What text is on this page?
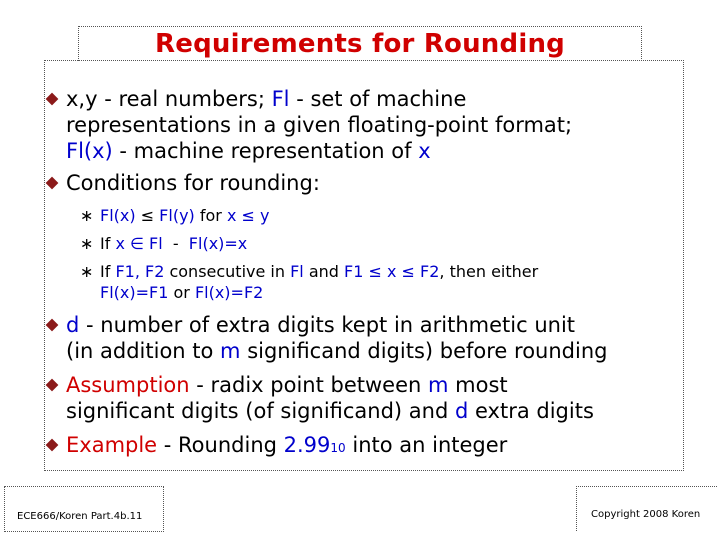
Requirements for Rounding
x,y - real numbers; Fl - set of machine
representations in a given floating-point format;
Fl(x) - machine representation of x
Conditions for rounding:
∗ Fl(x) ≤ Fl(y) for x ≤ y
∗ If x ∈ Fl  -  Fl(x)=x
∗ If F1, F2 consecutive in Fl and F1 ≤ x ≤ F2, then either
Fl(x)=F1 or Fl(x)=F2
d - number of extra digits kept in arithmetic unit
(in addition to m significand digits) before rounding
Assumption - radix point between m most
significant digits (of significand) and d extra digits
Example - Rounding 2.9910 into an integer
ECE666/Koren Part.4b.11	Copyright 2008 Koren
